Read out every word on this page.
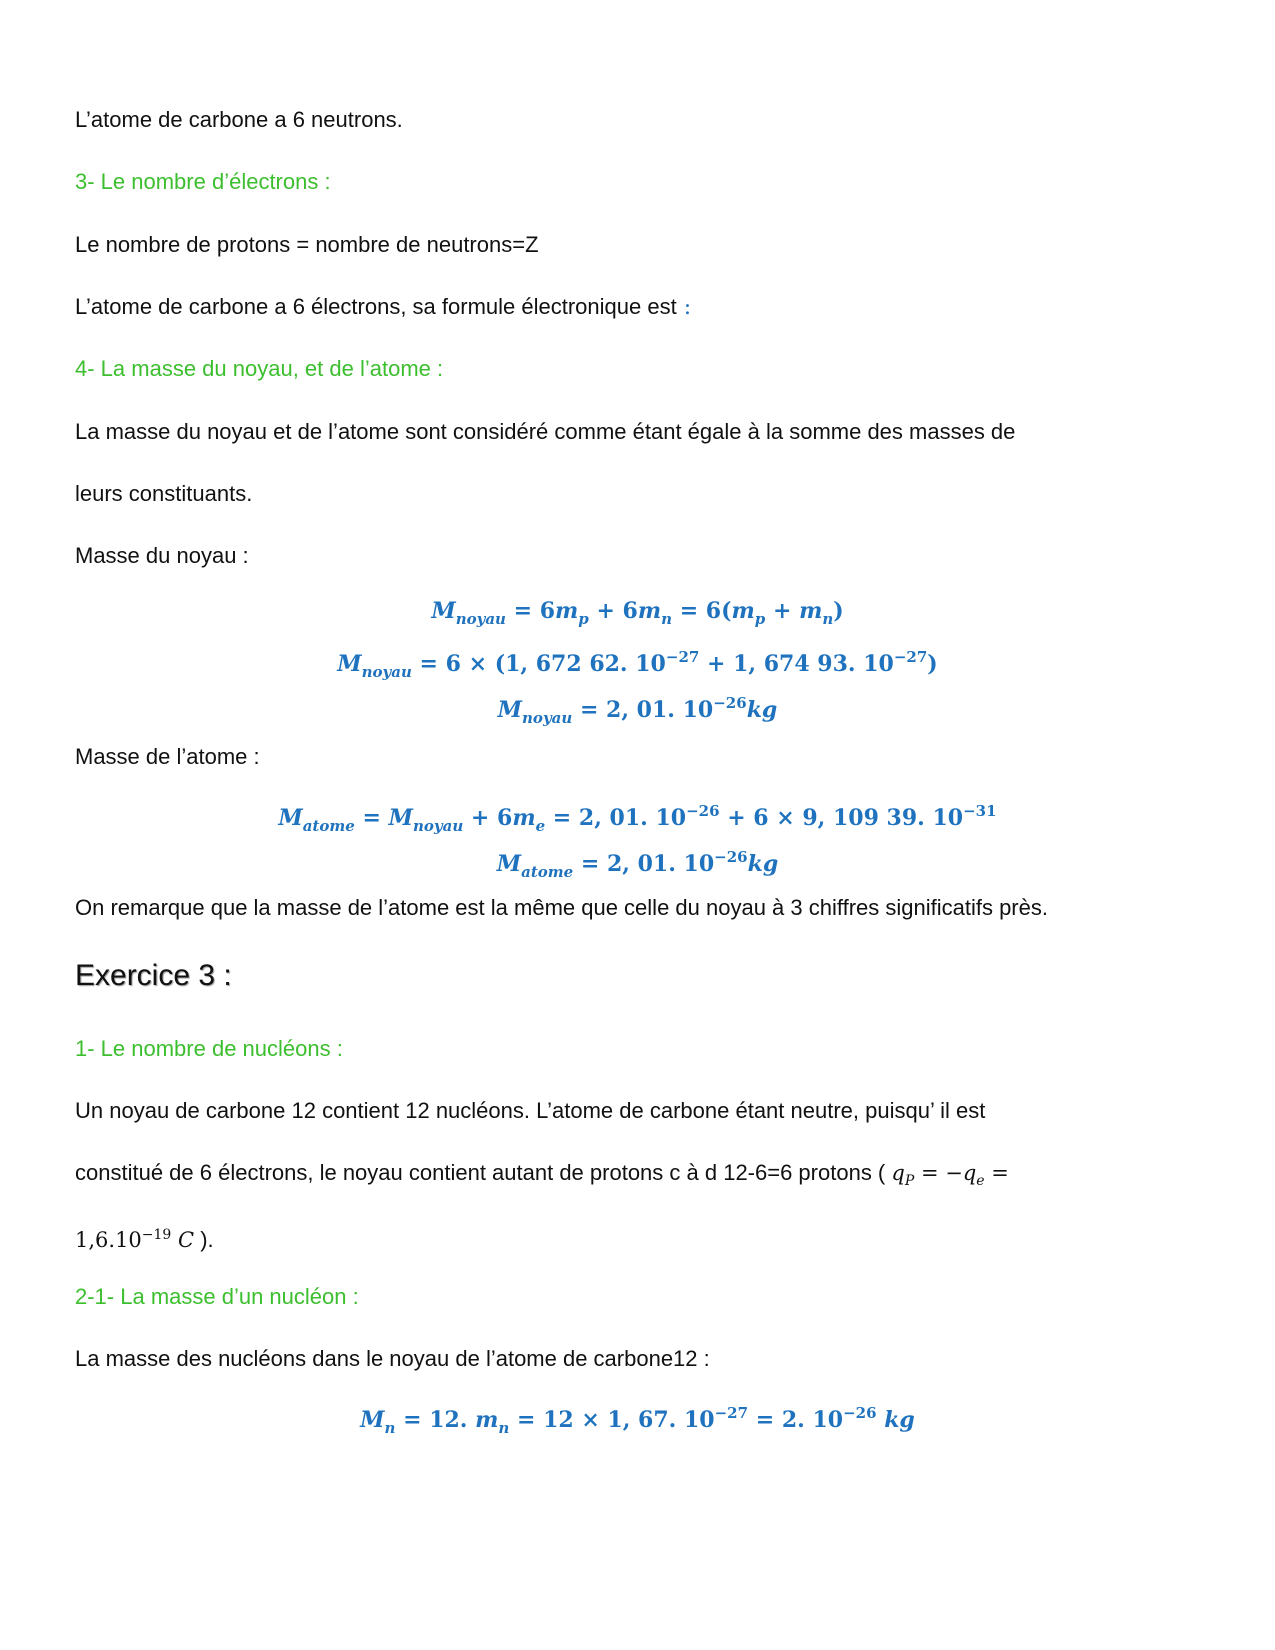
L’atome de carbone a 6 neutrons.
3- Le nombre d’électrons :
Le nombre de protons = nombre de neutrons=Z
L’atome de carbone a 6 électrons, sa formule électronique est :
4- La masse du noyau, et de l’atome :
La masse du noyau et de l’atome sont considéré comme étant égale à la somme des masses de
leurs constituants.
Masse du noyau :
$M_{noyau} = 6m_p + 6m_n = 6(m_p + m_n)$
$M_{noyau} = 6 \times (1$, 672 62. $10^{-27} + 1$, 674 93. $10^{-27}$)
$M_{noyau} = 2$, 01. $10^{-26}kg$
Masse de l’atome :
$M_{atome} = M_{noyau} + 6m_e = 2$, 01. $10^{-26} + 6 \times 9$, 109 39. $10^{-31}$
$M_{atome} = 2$, 01. $10^{-26}kg$
On remarque que la masse de l’atome est la même que celle du noyau à 3 chiffres significatifs près.
Exercice 3 :
1- Le nombre de nucléons :
Un noyau de carbone 12 contient 12 nucléons. L’atome de carbone étant neutre, puisqu’ il est
constitué de 6 électrons, le noyau contient autant de protons c à d 12-6=6 protons ( $q_P = -q_e$ =
$1,6.10^{-19}$ C ).
2-1- La masse d’un nucléon :
La masse des nucléons dans le noyau de l’atome de carbone12 :
$M_n = 12$. $m_n = 12 \times 1$, 67. $10^{-27} = 2$. $10^{-26}$ kg
